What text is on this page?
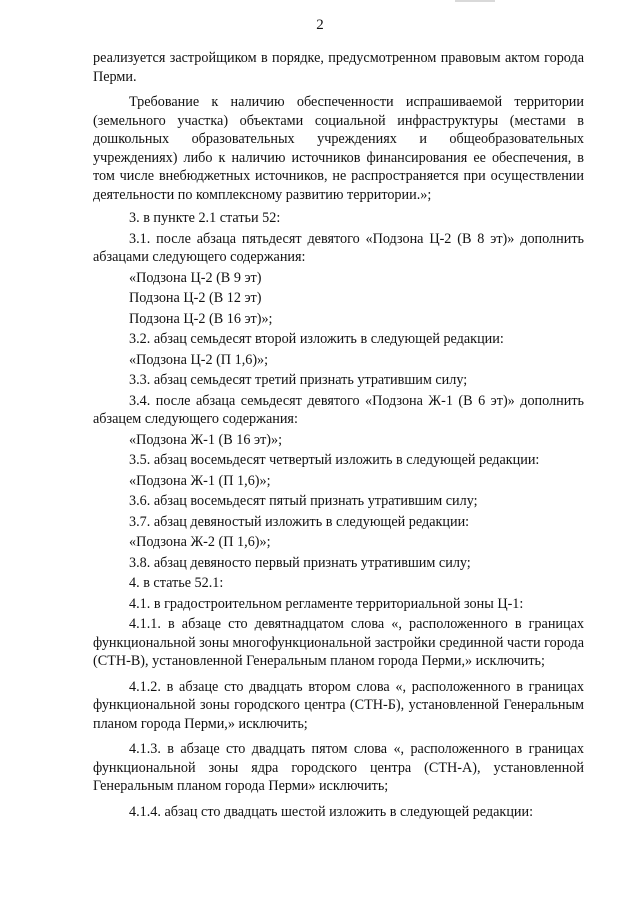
2

реализуется застройщиком в порядке, предусмотренном правовым актом города Перми.

Требование к наличию обеспеченности испрашиваемой территории (земельного участка) объектами социальной инфраструктуры (местами в дошкольных образовательных учреждениях и общеобразовательных учреждениях) либо к наличию источников финансирования ее обеспечения, в том числе внебюджетных источников, не распространяется при осуществлении деятельности по комплексному развитию территории.»;

3. в пункте 2.1 статьи 52:

3.1. после абзаца пятьдесят девятого «Подзона Ц-2 (В 8 эт)» дополнить абзацами следующего содержания:

«Подзона Ц-2 (В 9 эт)

Подзона Ц-2 (В 12 эт)

Подзона Ц-2 (В 16 эт)»;

3.2. абзац семьдесят второй изложить в следующей редакции:

«Подзона Ц-2 (П 1,6)»;

3.3. абзац семьдесят третий признать утратившим силу;

3.4. после абзаца семьдесят девятого «Подзона Ж-1 (В 6 эт)» дополнить абзацем следующего содержания:

«Подзона Ж-1 (В 16 эт)»;

3.5. абзац восемьдесят четвертый изложить в следующей редакции:

«Подзона Ж-1 (П 1,6)»;

3.6. абзац восемьдесят пятый признать утратившим силу;

3.7. абзац девяностый изложить в следующей редакции:

«Подзона Ж-2 (П 1,6)»;

3.8. абзац девяносто первый признать утратившим силу;

4. в статье 52.1:

4.1. в градостроительном регламенте территориальной зоны Ц-1:

4.1.1. в абзаце сто девятнадцатом слова «, расположенного в границах функциональной зоны многофункциональной застройки срединной части города (СТН-В), установленной Генеральным планом города Перми,» исключить;

4.1.2. в абзаце сто двадцать втором слова «, расположенного в границах функциональной зоны городского центра (СТН-Б), установленной Генеральным планом города Перми,» исключить;

4.1.3. в абзаце сто двадцать пятом слова «, расположенного в границах функциональной зоны ядра городского центра (СТН-А), установленной Генеральным планом города Перми» исключить;

4.1.4. абзац сто двадцать шестой изложить в следующей редакции:
